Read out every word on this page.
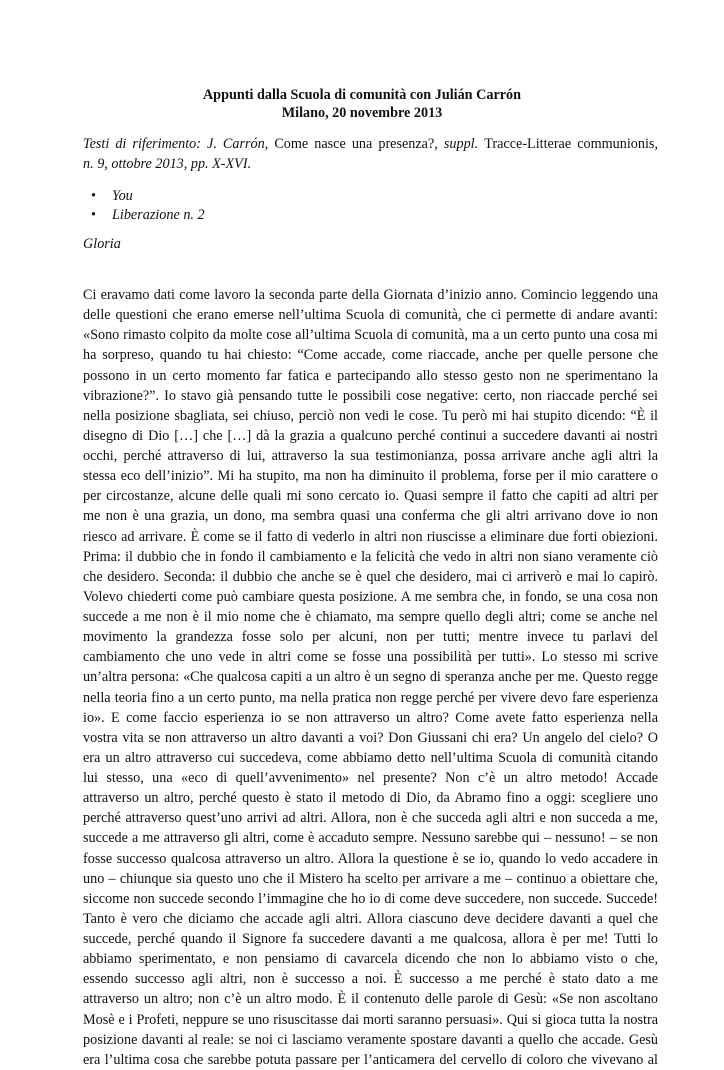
Appunti dalla Scuola di comunità con Julián Carrón
Milano, 20 novembre 2013
Testi di riferimento: J. Carrón, Come nasce una presenza?, suppl. Tracce-Litterae communionis,
n. 9, ottobre 2013, pp. X-XVI.
• You
• Liberazione n. 2
Gloria
Ci eravamo dati come lavoro la seconda parte della Giornata d’inizio anno. Comincio leggendo una
delle questioni che erano emerse nell’ultima Scuola di comunità, che ci permette di andare avanti:
«Sono rimasto colpito da molte cose all’ultima Scuola di comunità, ma a un certo punto una cosa mi
ha sorpreso, quando tu hai chiesto: “Come accade, come riaccade, anche per quelle persone che
possono in un certo momento far fatica e partecipando allo stesso gesto non ne sperimentano la
vibrazione?”. Io stavo già pensando tutte le possibili cose negative: certo, non riaccade perché sei
nella posizione sbagliata, sei chiuso, perciò non vedi le cose. Tu però mi hai stupito dicendo: “È il
disegno di Dio […] che […] dà la grazia a qualcuno perché continui a succedere davanti ai nostri
occhi, perché attraverso di lui, attraverso la sua testimonianza, possa arrivare anche agli altri la
stessa eco dell’inizio”. Mi ha stupito, ma non ha diminuito il problema, forse per il mio carattere o
per circostanze, alcune delle quali mi sono cercato io. Quasi sempre il fatto che capiti ad altri per
me non è una grazia, un dono, ma sembra quasi una conferma che gli altri arrivano dove io non
riesco ad arrivare. È come se il fatto di vederlo in altri non riuscisse a eliminare due forti obiezioni.
Prima: il dubbio che in fondo il cambiamento e la felicità che vedo in altri non siano veramente ciò
che desidero. Seconda: il dubbio che anche se è quel che desidero, mai ci arriverò e mai lo capirò.
Volevo chiederti come può cambiare questa posizione. A me sembra che, in fondo, se una cosa non
succede a me non è il mio nome che è chiamato, ma sempre quello degli altri; come se anche nel
movimento la grandezza fosse solo per alcuni, non per tutti; mentre invece tu parlavi del
cambiamento che uno vede in altri come se fosse una possibilità per tutti». Lo stesso mi scrive
un’altra persona: «Che qualcosa capiti a un altro è un segno di speranza anche per me. Questo regge
nella teoria fino a un certo punto, ma nella pratica non regge perché per vivere devo fare esperienza
io». E come faccio esperienza io se non attraverso un altro? Come avete fatto esperienza nella
vostra vita se non attraverso un altro davanti a voi? Don Giussani chi era? Un angelo del cielo? O
era un altro attraverso cui succedeva, come abbiamo detto nell’ultima Scuola di comunità citando
lui stesso, una «eco di quell’avvenimento» nel presente? Non c’è un altro metodo! Accade
attraverso un altro, perché questo è stato il metodo di Dio, da Abramo fino a oggi: scegliere uno
perché attraverso quest’uno arrivi ad altri. Allora, non è che succeda agli altri e non succeda a me,
succede a me attraverso gli altri, come è accaduto sempre. Nessuno sarebbe qui – nessuno! – se non
fosse successo qualcosa attraverso un altro. Allora la questione è se io, quando lo vedo accadere in
uno – chiunque sia questo uno che il Mistero ha scelto per arrivare a me – continuo a obiettare che,
siccome non succede secondo l’immagine che ho io di come deve succedere, non succede. Succede!
Tanto è vero che diciamo che accade agli altri. Allora ciascuno deve decidere davanti a quel che
succede, perché quando il Signore fa succedere davanti a me qualcosa, allora è per me! Tutti lo
abbiamo sperimentato, e non pensiamo di cavarcela dicendo che non lo abbiamo visto o che,
essendo successo agli altri, non è successo a noi. È successo a me perché è stato dato a me
attraverso un altro; non c’è un altro modo. È il contenuto delle parole di Gesù: «Se non ascoltano
Mosè e i Profeti, neppure se uno risuscitasse dai morti saranno persuasi». Qui si gioca tutta la nostra
posizione davanti al reale: se noi ci lasciamo veramente spostare davanti a quello che accade. Gesù
era l’ultima cosa che sarebbe potuta passare per l’anticamera del cervello di coloro che vivevano al
